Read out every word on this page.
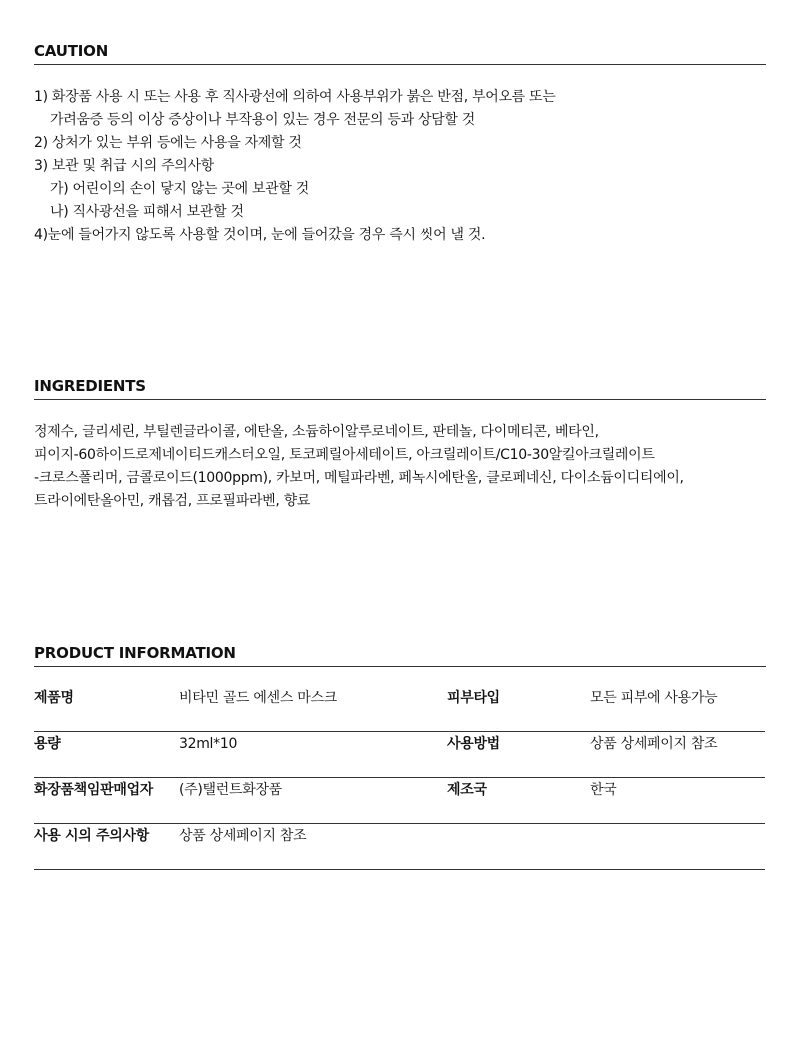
CAUTION
1) 화장품 사용 시 또는 사용 후 직사광선에 의하여 사용부위가 붉은 반점, 부어오름 또는
가려움증 등의 이상 증상이나 부작용이 있는 경우 전문의 등과 상담할 것
2) 상처가 있는 부위 등에는 사용을 자제할 것
3) 보관 및 취급 시의 주의사항
가) 어린이의 손이 닿지 않는 곳에 보관할 것
나) 직사광선을 피해서 보관할 것
4)눈에 들어가지 않도록 사용할 것이며, 눈에 들어갔을 경우 즉시 씻어 낼 것.
INGREDIENTS
정제수, 글리세린, 부틸렌글라이콜, 에탄올, 소듐하이알루로네이트, 판테놀, 다이메티콘, 베타인,
피이지-60하이드로제네이티드캐스터오일, 토코페릴아세테이트, 아크릴레이트/C10-30알킬아크릴레이트
-크로스폴리머, 금콜로이드(1000ppm), 카보머, 메틸파라벤, 페녹시에탄올, 클로페네신, 다이소듐이디티에이,
트라이에탄올아민, 캐롭검, 프로필파라벤, 향료
PRODUCT INFORMATION
제품명	비타민 골드 에센스 마스크	피부타입	모든 피부에 사용가능
용량	32ml*10	사용방법	상품 상세페이지 참조
화장품책임판매업자 (주)탤런트화장품	제조국	한국
사용 시의 주의사항 상품 상세페이지 참조
